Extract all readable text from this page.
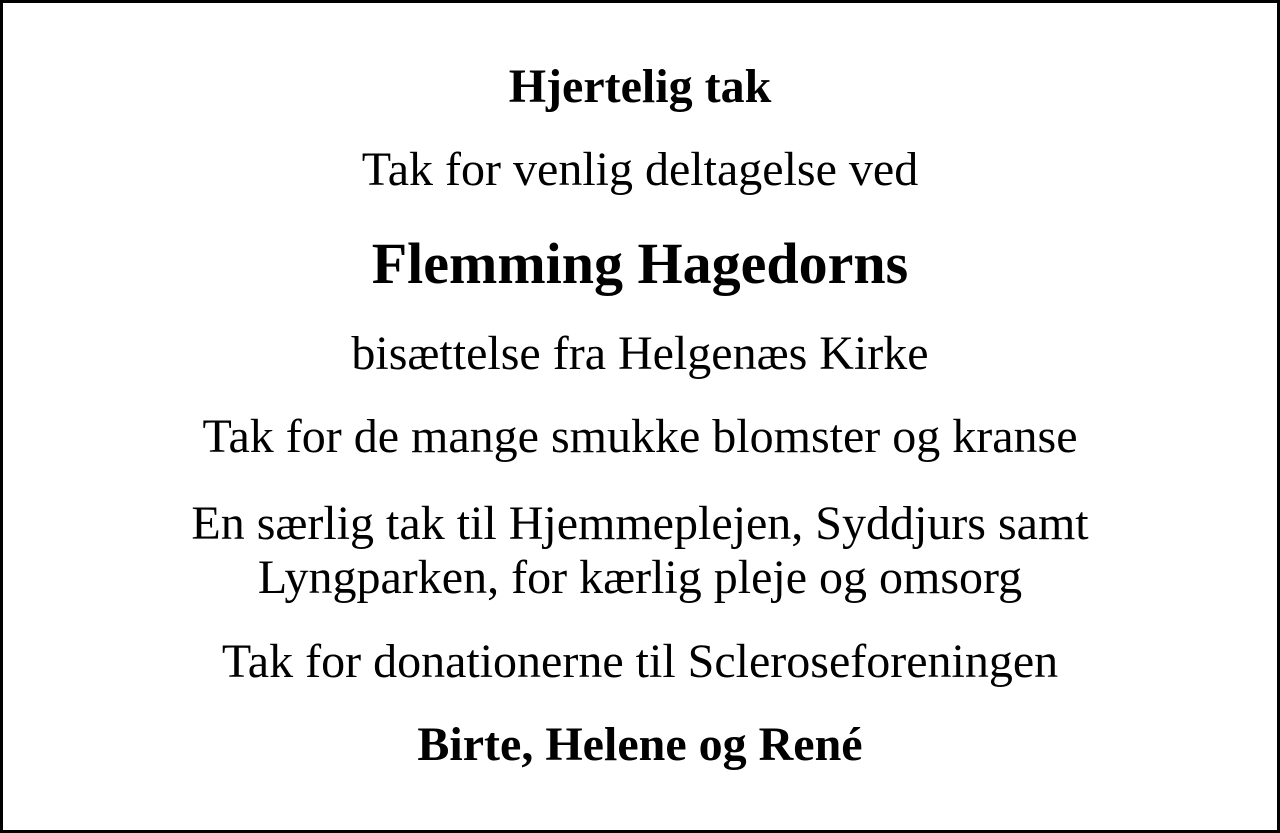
Hjertelig tak

Tak for venlig deltagelse ved

Flemming Hagedorns

bisættelse fra Helgenæs Kirke

Tak for de mange smukke blomster og kranse

En særlig tak til Hjemmeplejen, Syddjurs samt
Lyngparken, for kærlig pleje og omsorg

Tak for donationerne til Scleroseforeningen

Birte, Helene og René
